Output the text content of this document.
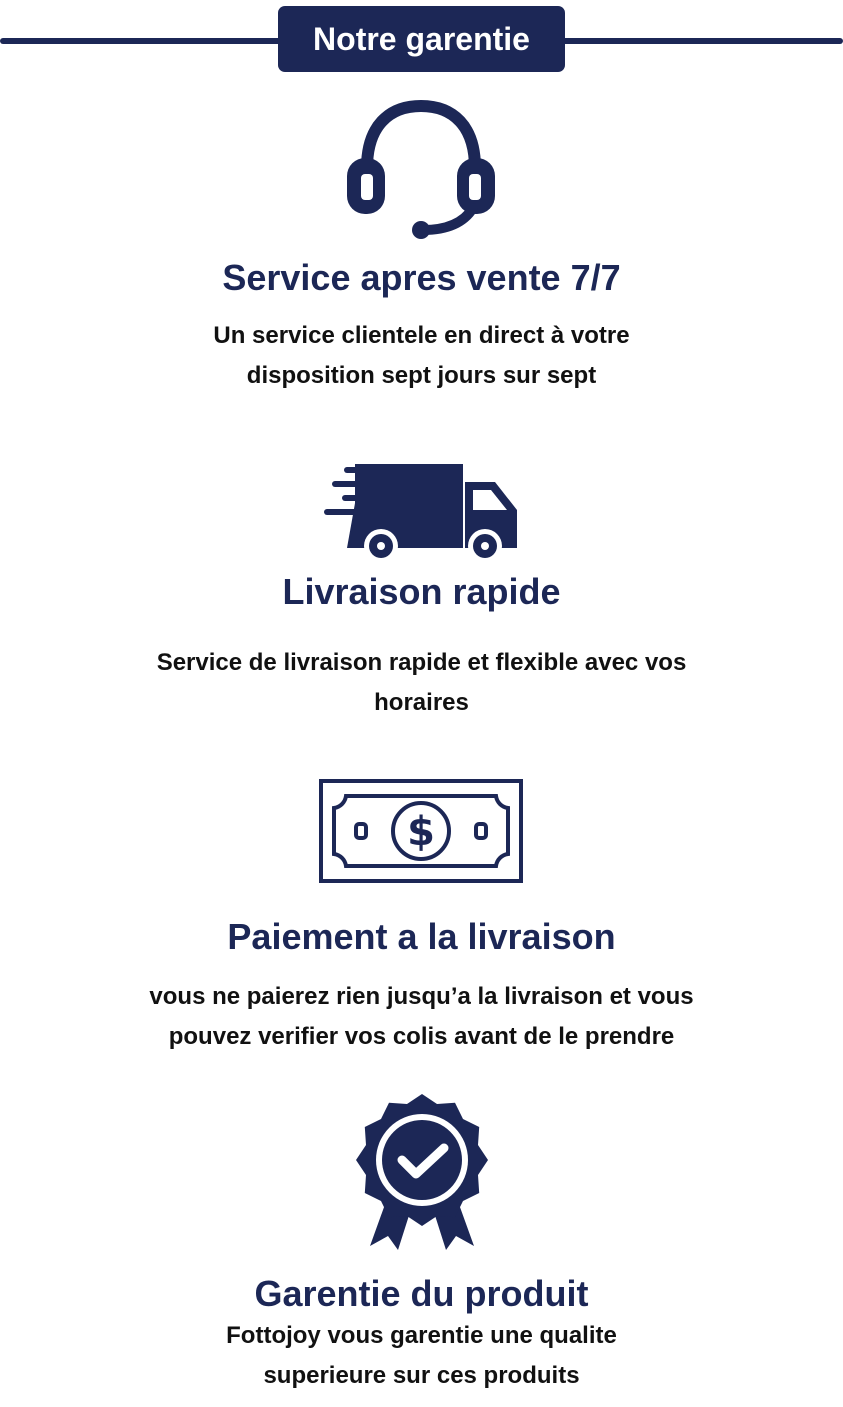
Notre garentie
Service apres vente 7/7
Un service clientele en direct à votre
disposition sept jours sur sept
Livraison rapide
Service de livraison rapide et flexible avec vos
horaires
$
Paiement a la livraison
vous ne paierez rien jusqu’a la livraison et vous
pouvez verifier vos colis avant de le prendre
Garentie du produit
Fottojoy vous garentie une qualite
superieure sur ces produits
